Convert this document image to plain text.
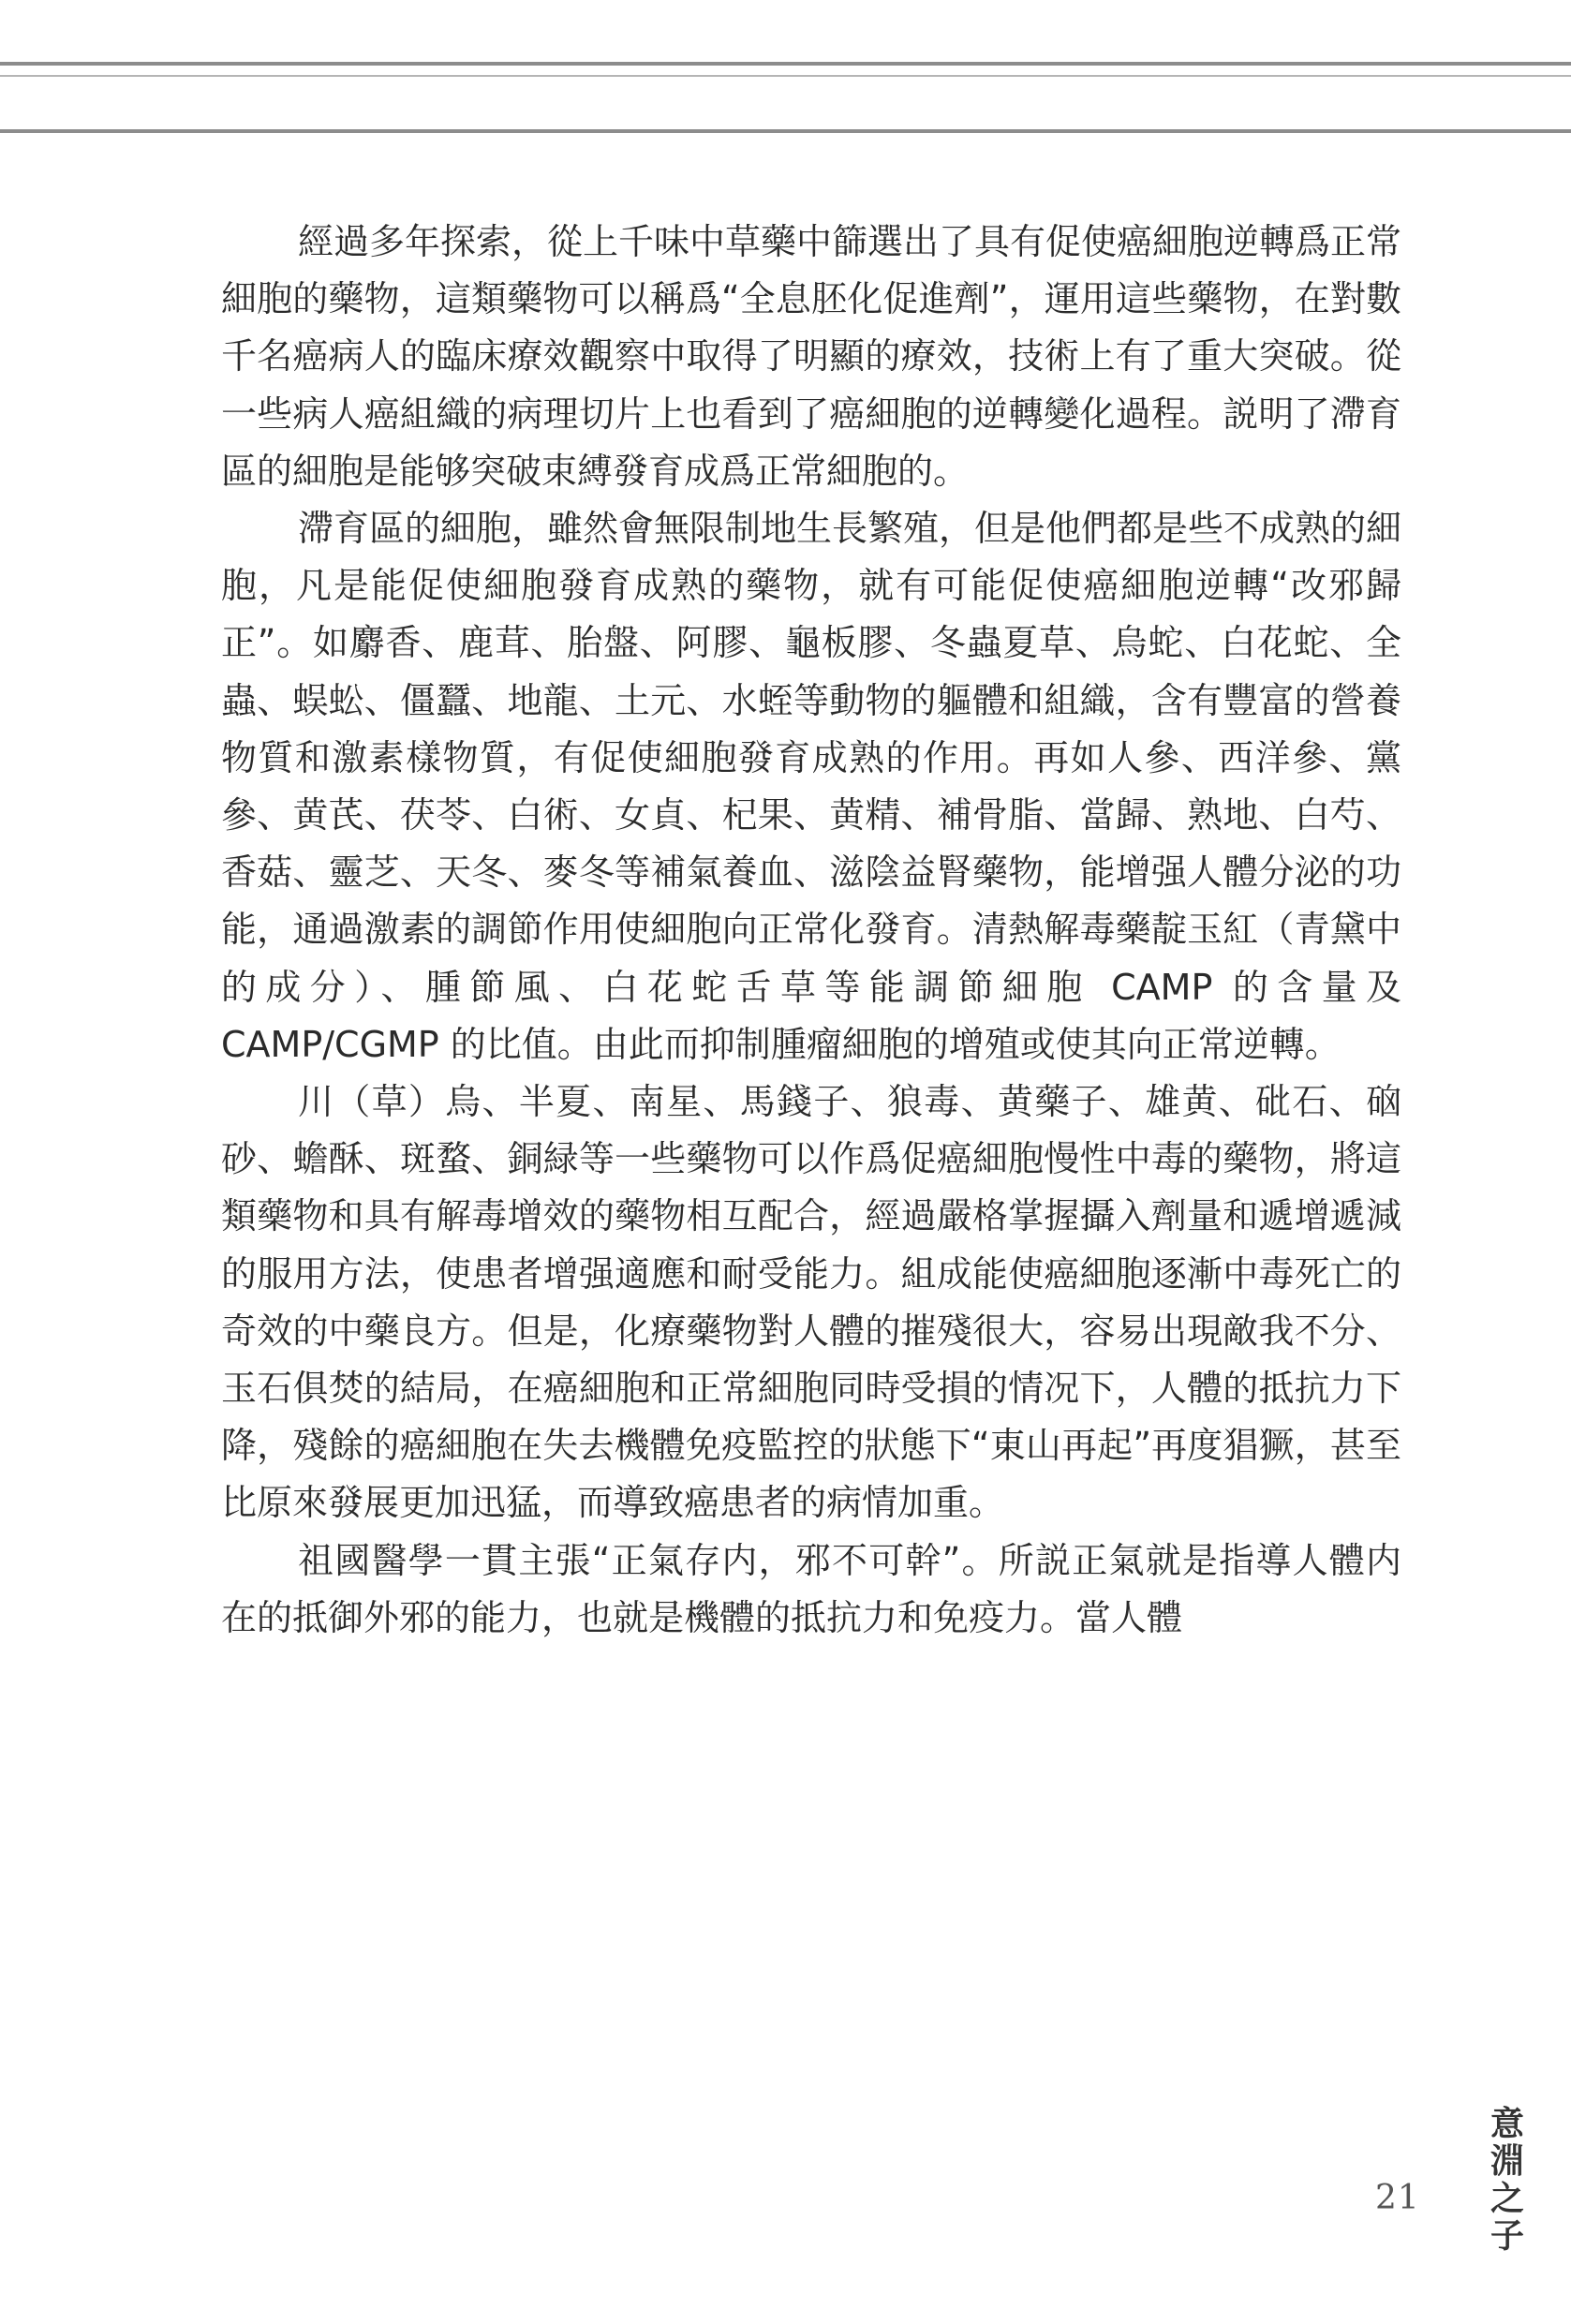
經過多年探索，從上千味中草藥中篩選出了具有促使癌細胞逆轉爲正常細胞的藥物，這類藥物可以稱爲“全息胚化促進劑”，運用這些藥物，在對數千名癌病人的臨床療效觀察中取得了明顯的療效，技術上有了重大突破。從一些病人癌組織的病理切片上也看到了癌細胞的逆轉變化過程。説明了滯育區的細胞是能够突破束縛發育成爲正常細胞的。

滯育區的細胞，雖然會無限制地生長繁殖，但是他們都是些不成熟的細胞，凡是能促使細胞發育成熟的藥物，就有可能促使癌細胞逆轉“改邪歸正”。如麝香、鹿茸、胎盤、阿膠、龜板膠、冬蟲夏草、烏蛇、白花蛇、全蟲、蜈蚣、僵蠶、地龍、土元、水蛭等動物的軀體和組織，含有豐富的營養物質和激素樣物質，有促使細胞發育成熟的作用。再如人參、西洋參、黨參、黄芪、茯苓、白術、女貞、杞果、黄精、補骨脂、當歸、熟地、白芍、香菇、靈芝、天冬、麥冬等補氣養血、滋陰益腎藥物，能增强人體分泌的功能，通過激素的調節作用使細胞向正常化發育。清熱解毒藥靛玉紅（青黛中的成分）、腫節風、白花蛇舌草等能調節細胞 CAMP 的含量及 CAMP/CGMP 的比值。由此而抑制腫瘤細胞的增殖或使其向正常逆轉。

川（草）烏、半夏、南星、馬錢子、狼毒、黄藥子、雄黄、砒石、硇砂、蟾酥、斑蝥、銅緑等一些藥物可以作爲促癌細胞慢性中毒的藥物，將這類藥物和具有解毒增效的藥物相互配合，經過嚴格掌握攝入劑量和遞增遞減的服用方法，使患者增强適應和耐受能力。組成能使癌細胞逐漸中毒死亡的奇效的中藥良方。但是，化療藥物對人體的摧殘很大，容易出現敵我不分、玉石俱焚的結局，在癌細胞和正常細胞同時受損的情况下，人體的抵抗力下降，殘餘的癌細胞在失去機體免疫監控的狀態下“東山再起”再度猖獗，甚至比原來發展更加迅猛，而導致癌患者的病情加重。

祖國醫學一貫主張“正氣存内，邪不可幹”。所説正氣就是指導人體内在的抵御外邪的能力，也就是機體的抵抗力和免疫力。當人體

21
意淵之子
